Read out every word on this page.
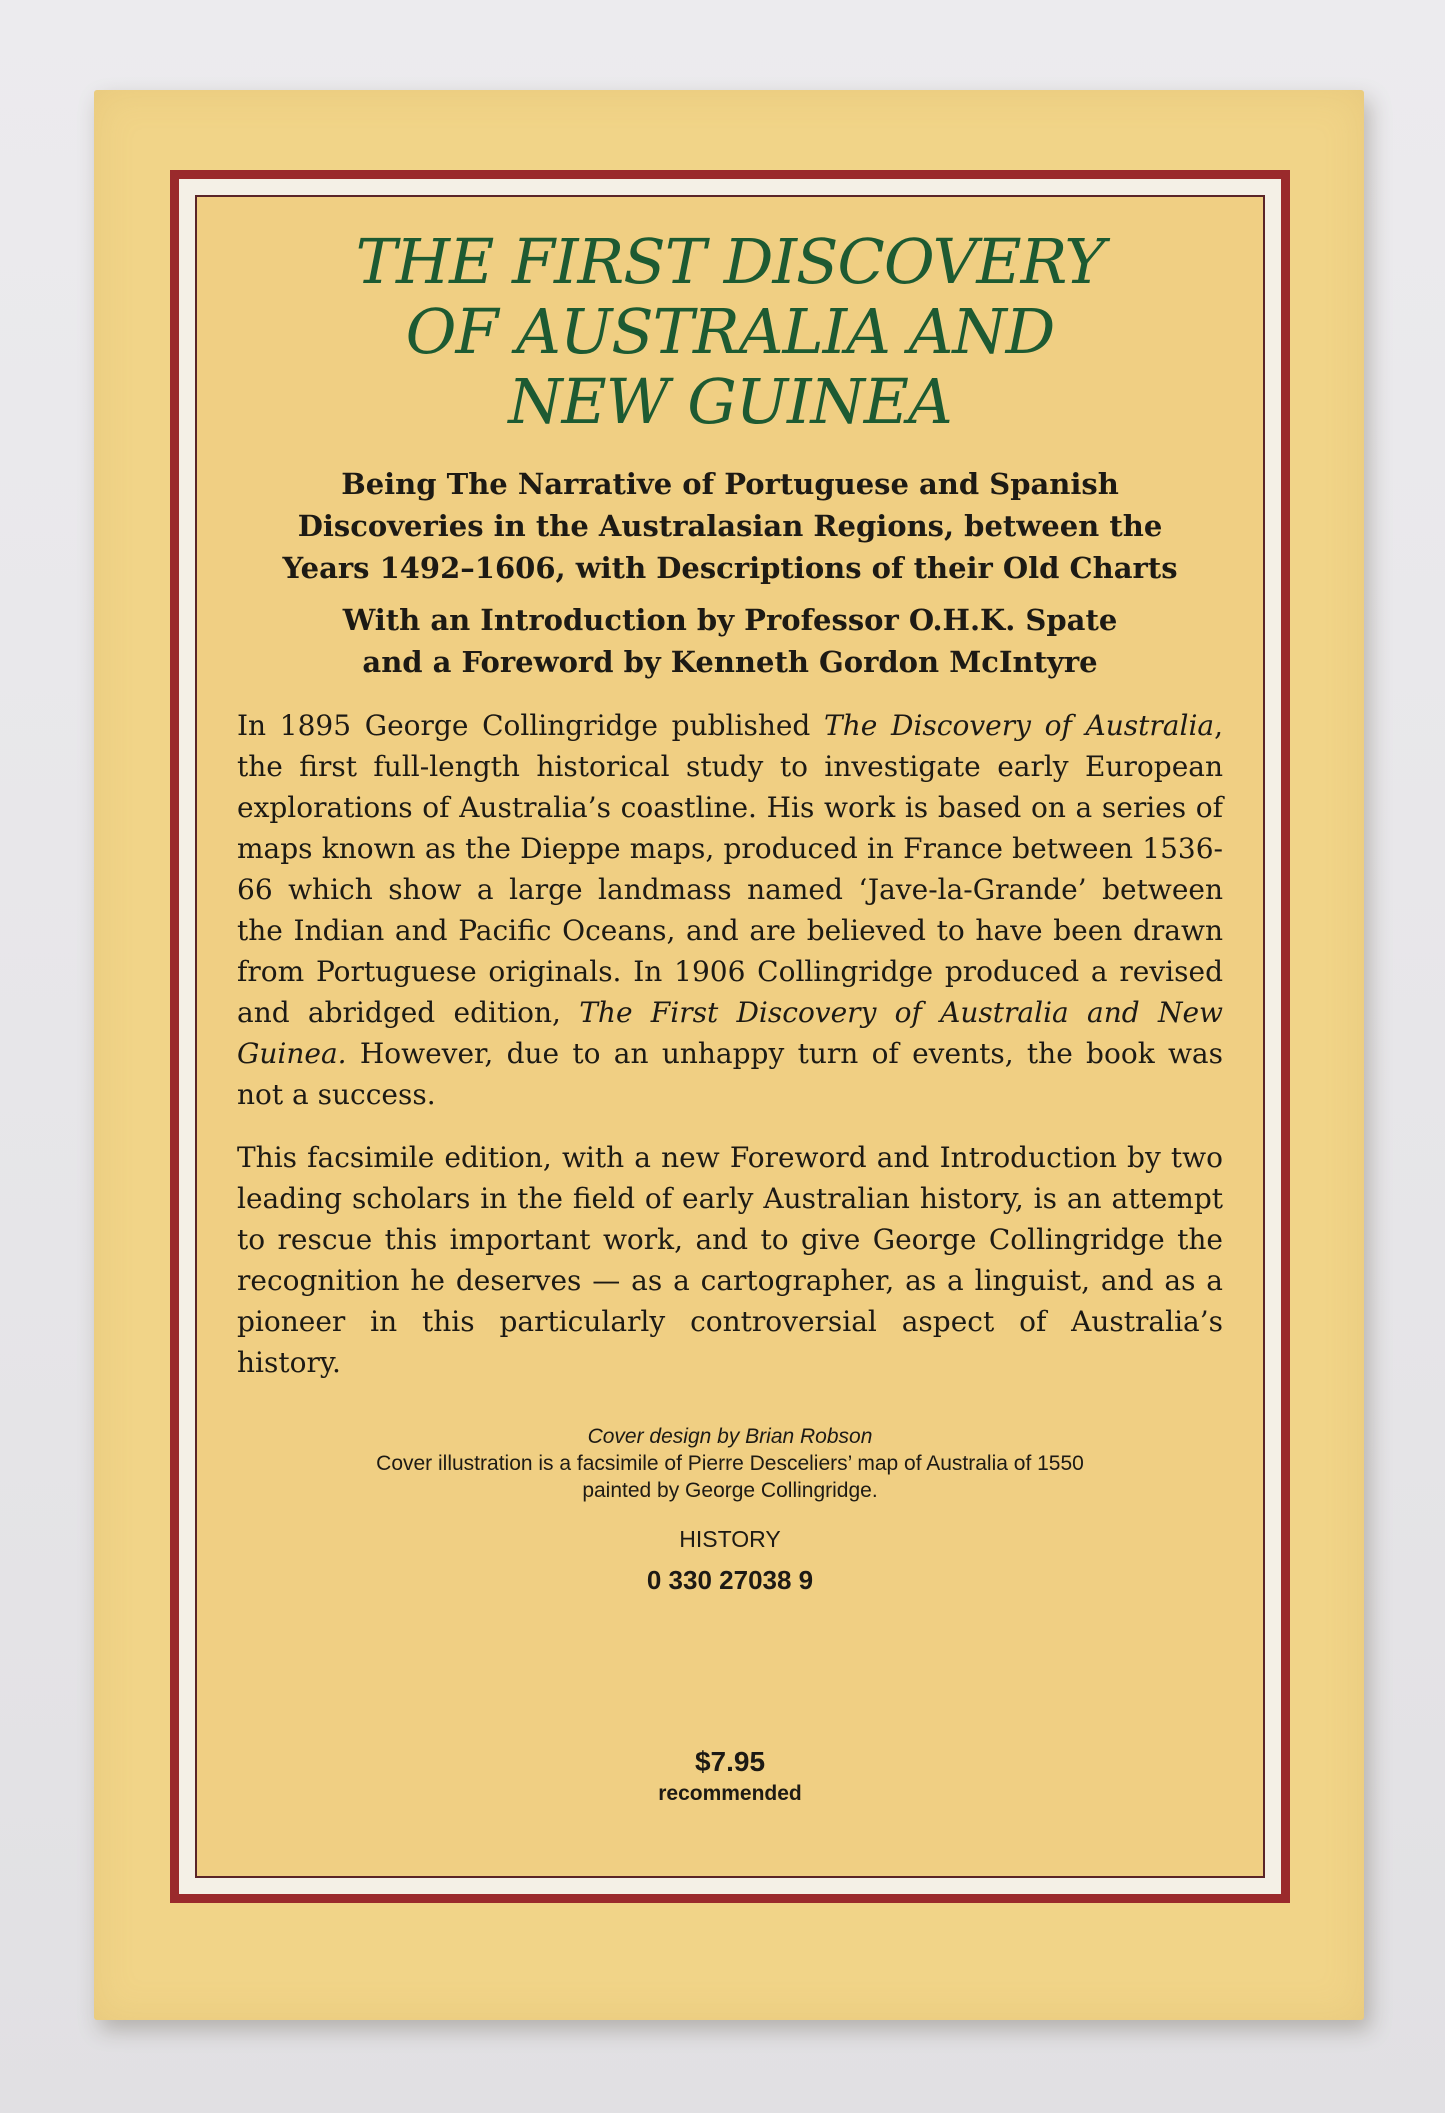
THE FIRST DISCOVERY
OF AUSTRALIA AND
NEW GUINEA

Being The Narrative of Portuguese and Spanish
Discoveries in the Australasian Regions, between the
Years 1492–1606, with Descriptions of their Old Charts

With an Introduction by Professor O.H.K. Spate
and a Foreword by Kenneth Gordon McIntyre

In 1895 George Collingridge published The Discovery of Australia, the first full-length historical study to investigate early European explorations of Australia’s coastline. His work is based on a series of maps known as the Dieppe maps, produced in France between 1536-66 which show a large landmass named ‘Jave-la-Grande’ between the Indian and Pacific Oceans, and are believed to have been drawn from Portuguese originals. In 1906 Collingridge produced a revised and abridged edition, The First Discovery of Australia and New Guinea. However, due to an unhappy turn of events, the book was not a success.

This facsimile edition, with a new Foreword and Introduction by two leading scholars in the field of early Australian history, is an attempt to rescue this important work, and to give George Collingridge the recognition he deserves — as a cartographer, as a linguist, and as a pioneer in this particularly controversial aspect of Australia’s history.

Cover design by Brian Robson
Cover illustration is a facsimile of Pierre Desceliers’ map of Australia of 1550
painted by George Collingridge.
HISTORY
0 330 27038 9
$7.95
recommended
